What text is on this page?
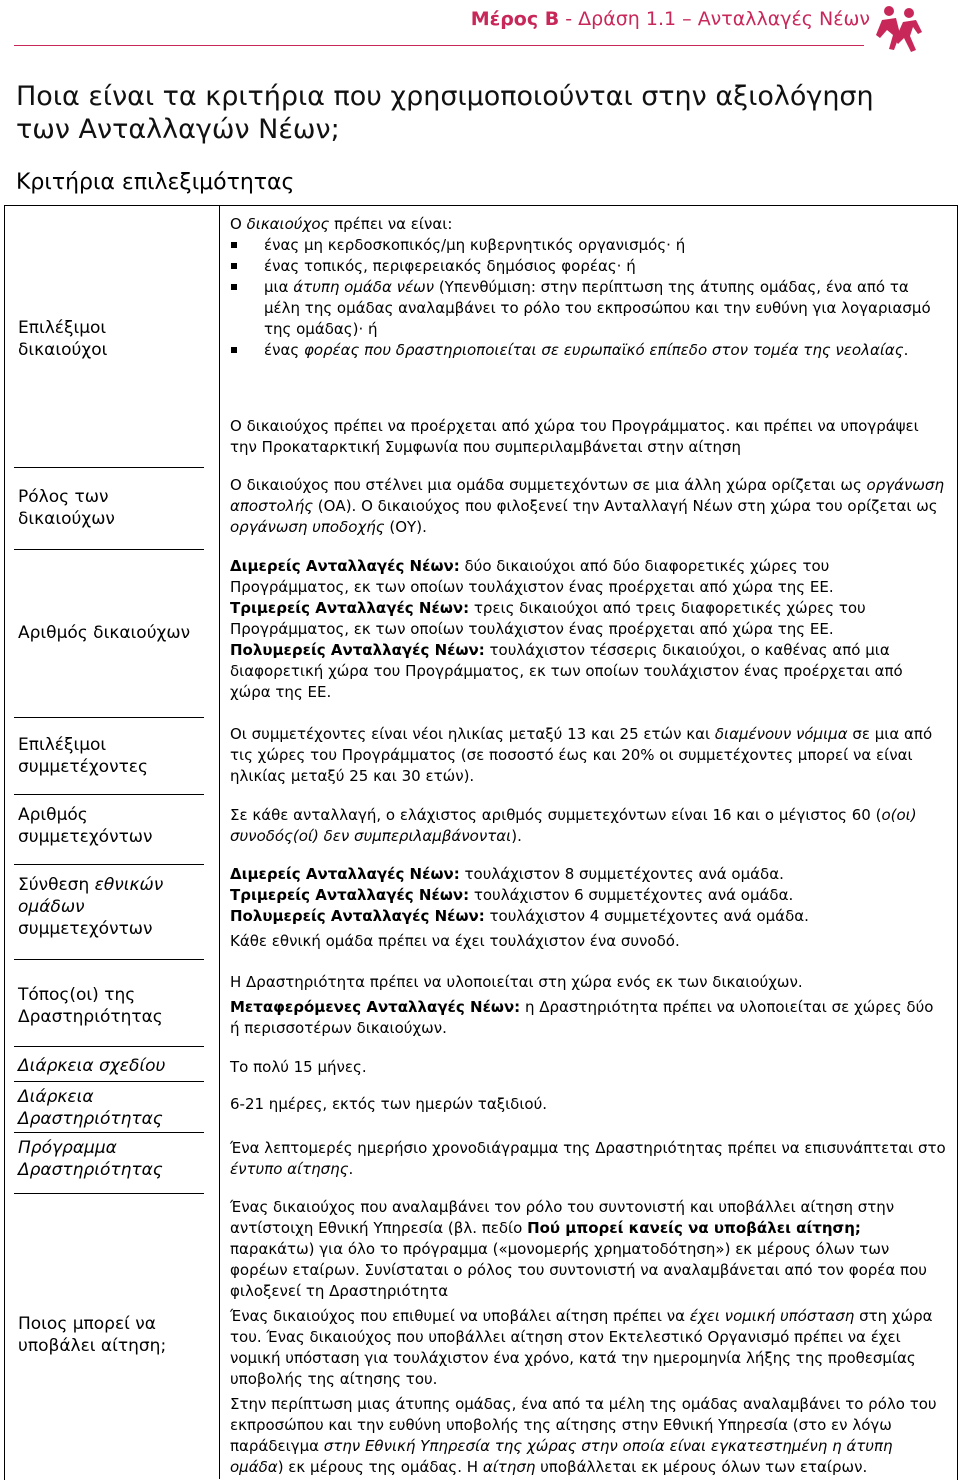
Μέρος Β - Δράση 1.1 – Ανταλλαγές Νέων
Ποια είναι τα κριτήρια που χρησιμοποιούνται στην αξιολόγηση των Ανταλλαγών Νέων;
Κριτήρια επιλεξιμότητας
Επιλέξιμοι
δικαιούχοι
Ρόλος των
δικαιούχων
Αριθμός δικαιούχων
Επιλέξιμοι
συμμετέχοντες
Αριθμός
συμμετεχόντων
Σύνθεση εθνικών
ομάδων
συμμετεχόντων
Τόπος(οι) της
Δραστηριότητας
Διάρκεια σχεδίου
Διάρκεια
Δραστηριότητας
Πρόγραμμα
Δραστηριότητας
Ποιος μπορεί να
υποβάλει αίτηση;
Ο δικαιούχος πρέπει να είναι:
ένας μη κερδοσκοπικός/μη κυβερνητικός οργανισμός· ή
ένας τοπικός, περιφερειακός δημόσιος φορέας· ή
μια άτυπη ομάδα νέων (Υπενθύμιση: στην περίπτωση της άτυπης ομάδας, ένα από τα μέλη της ομάδας αναλαμβάνει το ρόλο του εκπροσώπου και την ευθύνη για λογαριασμό της ομάδας)· ή
ένας φορέας που δραστηριοποιείται σε ευρωπαϊκό επίπεδο στον τομέα της νεολαίας.
Ο δικαιούχος πρέπει να προέρχεται από χώρα του Προγράμματος. και πρέπει να υπογράψει την Προκαταρκτική Συμφωνία που συμπεριλαμβάνεται στην αίτηση
Ο δικαιούχος που στέλνει μια ομάδα συμμετεχόντων σε μια άλλη χώρα ορίζεται ως οργάνωση αποστολής (ΟΑ). Ο δικαιούχος που φιλοξενεί την Ανταλλαγή Νέων στη χώρα του ορίζεται ως οργάνωση υποδοχής (ΟΥ).
Διμερείς Ανταλλαγές Νέων: δύο δικαιούχοι από δύο διαφορετικές χώρες του Προγράμματος, εκ των οποίων τουλάχιστον ένας προέρχεται από χώρα της ΕΕ.
Τριμερείς Ανταλλαγές Νέων: τρεις δικαιούχοι από τρεις διαφορετικές χώρες του Προγράμματος, εκ των οποίων τουλάχιστον ένας προέρχεται από χώρα της ΕΕ.
Πολυμερείς Ανταλλαγές Νέων: τουλάχιστον τέσσερις δικαιούχοι, ο καθένας από μια διαφορετική χώρα του Προγράμματος, εκ των οποίων τουλάχιστον ένας προέρχεται από χώρα της ΕΕ.
Οι συμμετέχοντες είναι νέοι ηλικίας μεταξύ 13 και 25 ετών και διαμένουν νόμιμα σε μια από τις χώρες του Προγράμματος (σε ποσοστό έως και 20% οι συμμετέχοντες μπορεί να είναι ηλικίας μεταξύ 25 και 30 ετών).
Σε κάθε ανταλλαγή, ο ελάχιστος αριθμός συμμετεχόντων είναι 16 και ο μέγιστος 60 (ο(οι) συνοδός(οί) δεν συμπεριλαμβάνονται).
Διμερείς Ανταλλαγές Νέων: τουλάχιστον 8 συμμετέχοντες ανά ομάδα.
Τριμερείς Ανταλλαγές Νέων: τουλάχιστον 6 συμμετέχοντες ανά ομάδα.
Πολυμερείς Ανταλλαγές Νέων: τουλάχιστον 4 συμμετέχοντες ανά ομάδα.
Κάθε εθνική ομάδα πρέπει να έχει τουλάχιστον ένα συνοδό.
Η Δραστηριότητα πρέπει να υλοποιείται στη χώρα ενός εκ των δικαιούχων.
Μεταφερόμενες Ανταλλαγές Νέων: η Δραστηριότητα πρέπει να υλοποιείται σε χώρες δύο ή περισσοτέρων δικαιούχων.
Το πολύ 15 μήνες.
6-21 ημέρες, εκτός των ημερών ταξιδιού.
Ένα λεπτομερές ημερήσιο χρονοδιάγραμμα της Δραστηριότητας πρέπει να επισυνάπτεται στο έντυπο αίτησης.
Ένας δικαιούχος που αναλαμβάνει τον ρόλο του συντονιστή και υποβάλλει αίτηση στην αντίστοιχη Εθνική Υπηρεσία (βλ. πεδίο Πού μπορεί κανείς να υποβάλει αίτηση; παρακάτω) για όλο το πρόγραμμα («μονομερής χρηματοδότηση») εκ μέρους όλων των φορέων εταίρων. Συνίσταται ο ρόλος του συντονιστή να αναλαμβάνεται από τον φορέα που φιλοξενεί τη Δραστηριότητα
Ένας δικαιούχος που επιθυμεί να υποβάλει αίτηση πρέπει να έχει νομική υπόσταση στη χώρα του. Ένας δικαιούχος που υποβάλλει αίτηση στον Εκτελεστικό Οργανισμό πρέπει να έχει νομική υπόσταση για τουλάχιστον ένα χρόνο, κατά την ημερομηνία λήξης της προθεσμίας υποβολής της αίτησης του.
Στην περίπτωση μιας άτυπης ομάδας, ένα από τα μέλη της ομάδας αναλαμβάνει το ρόλο του εκπροσώπου και την ευθύνη υποβολής της αίτησης στην Εθνική Υπηρεσία (στο εν λόγω παράδειγμα στην Εθνική Υπηρεσία της χώρας στην οποία είναι εγκατεστημένη η άτυπη ομάδα) εκ μέρους της ομάδας. Η αίτηση υποβάλλεται εκ μέρους όλων των εταίρων.
